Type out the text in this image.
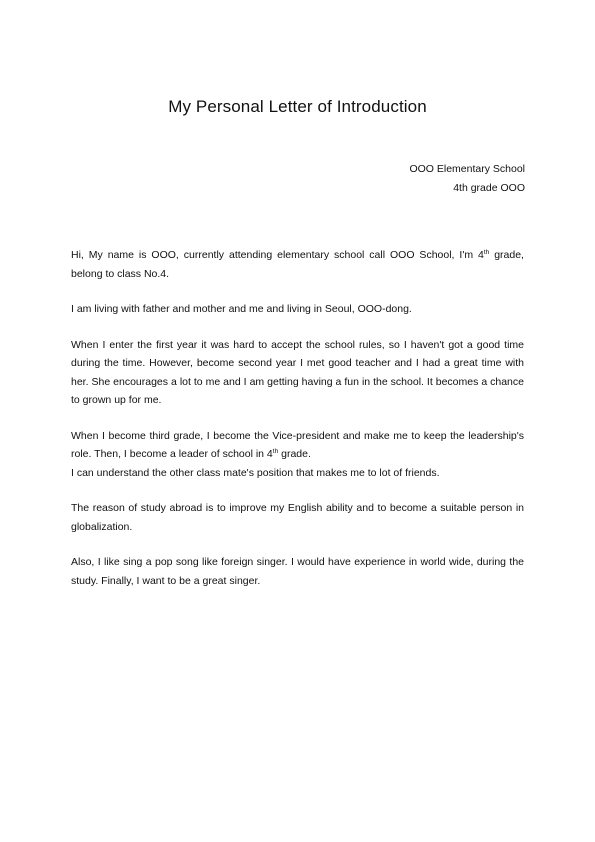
My Personal Letter of Introduction
OOO Elementary School
4th grade OOO

Hi, My name is OOO, currently attending elementary school call OOO School, I'm 4th grade, belong to class No.4.

I am living with father and mother and me and living in Seoul, OOO-dong.

When I enter the first year it was hard to accept the school rules, so I haven't got a good time during the time. However, become second year I met good teacher and I had a great time with her. She encourages a lot to me and I am getting having a fun in the school. It becomes a chance to grown up for me.

When I become third grade, I become the Vice-president and make me to keep the leadership's role. Then, I become a leader of school in 4th grade.
I can understand the other class mate's position that makes me to lot of friends.

The reason of study abroad is to improve my English ability and to become a suitable person in globalization.

Also, I like sing a pop song like foreign singer. I would have experience in world wide, during the study. Finally, I want to be a great singer.
